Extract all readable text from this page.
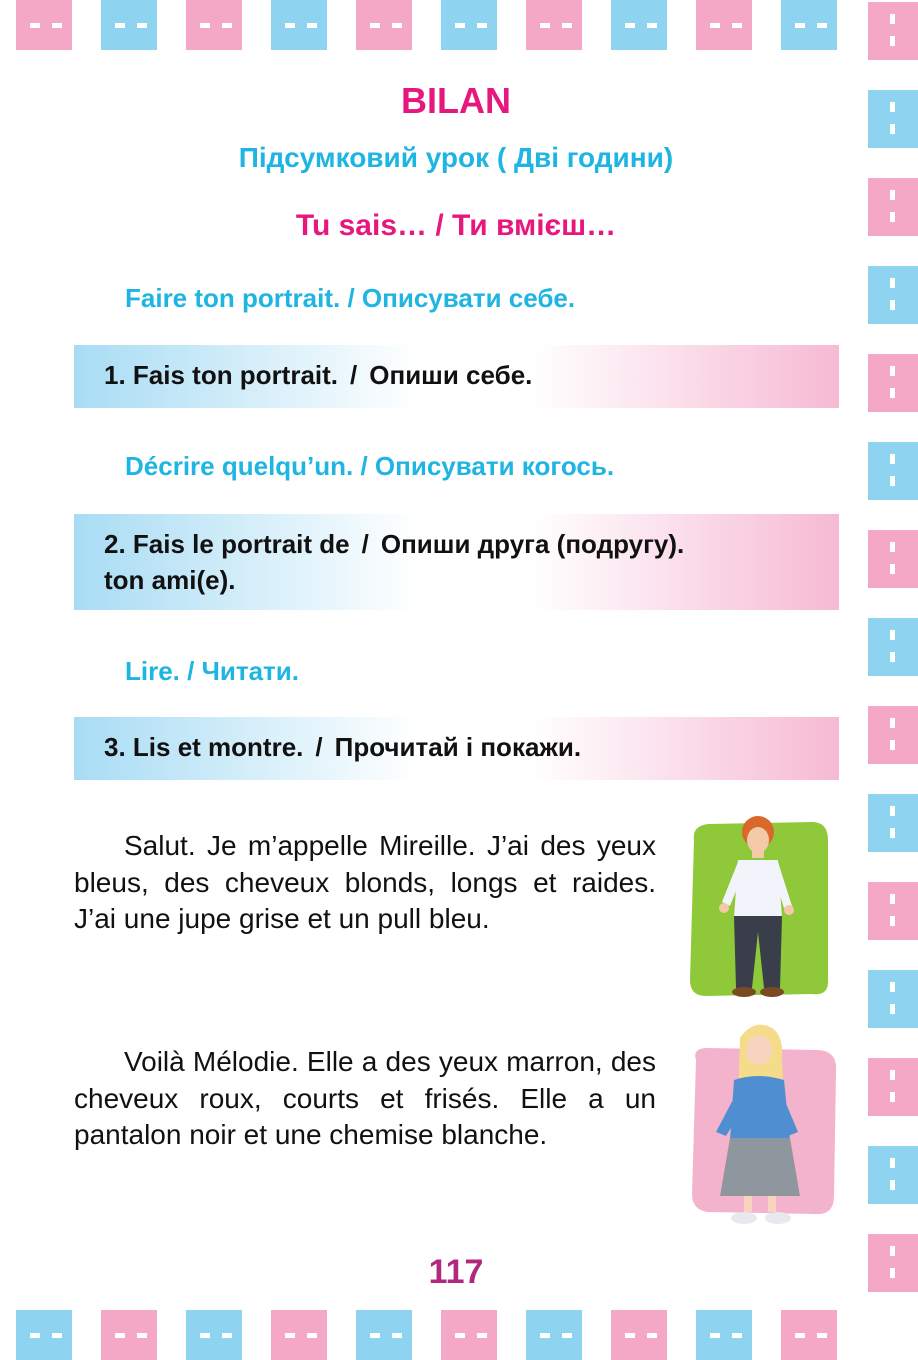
BILAN
Підсумковий урок ( Дві години)
Tu sais… / Ти вмієш…

Faire ton portrait. / Описувати себе.

1. Fais ton portrait. / Опиши себе.

Décrire quelqu’un. / Описувати когось.

2. Fais le portrait de / Опиши друга (подругу).
ton ami(e).

Lire. / Читати.

3. Lis et montre. / Прочитай і покажи.

Salut. Je m’appelle Mireille. J’ai des yeux bleus, des cheveux blonds, longs et raides. J’ai une jupe grise et un pull bleu.

Voilà Mélodie. Elle a des yeux marron, des cheveux roux, courts et frisés. Elle a un pantalon noir et une chemise blanche.

117
